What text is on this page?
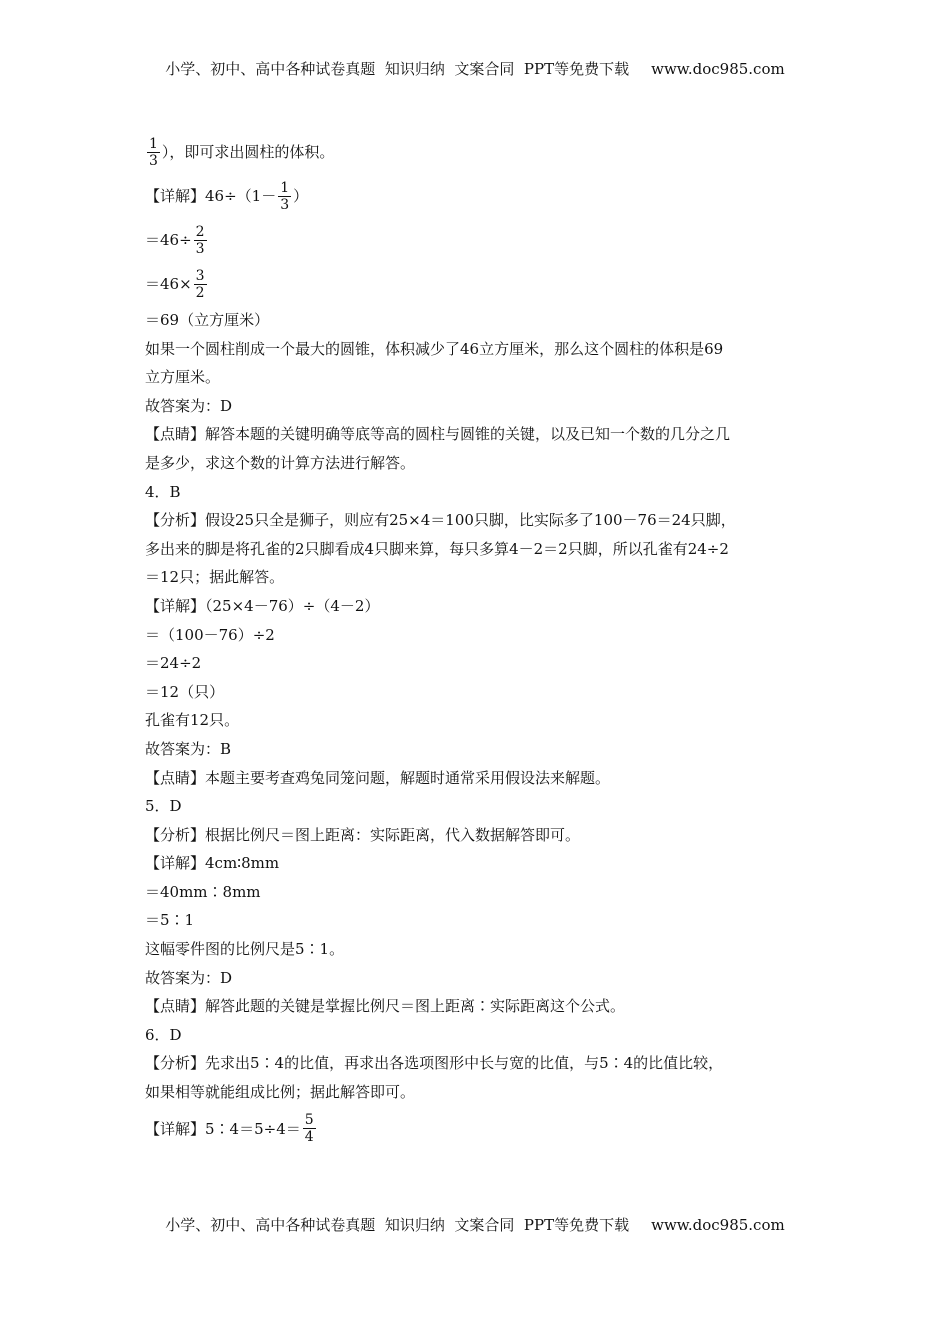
小学、初中、高中各种试卷真题  知识归纳  文案合同  PPT等免费下载 www.doc985.com
$\frac{1}{3}$ ），即可求出圆柱的体积。
【详解】$46\div(1- \frac{1}{3}$ ）
$=46\div \frac{2}{3}$
$=46\times \frac{3}{2}$
＝69（立方厘米）
如果一个圆柱削成一个最大的圆锥，体积减少了46立方厘米，那么这个圆柱的体积是69
立方厘米。
故答案为：D
【点睛】解答本题的关键明确等底等高的圆柱与圆锥的关键，以及已知一个数的几分之几
是多少，求这个数的计算方法进行解答。
4．B
【分析】假设25只全是狮子，则应有25×4＝100只脚，比实际多了100－76＝24只脚，
多出来的脚是将孔雀的2只脚看成4只脚来算，每只多算4－2＝2只脚，所以孔雀有24÷2
＝12只；据此解答。
【详解】（25×4－76）÷（4－2）
＝（100－76）÷2
＝24÷2
＝12（只）
孔雀有12只。
故答案为：B
【点睛】本题主要考查鸡兔同笼问题，解题时通常采用假设法来解题。
5．D
【分析】根据比例尺＝图上距离：实际距离，代入数据解答即可。
【详解】4cm∶8mm
＝40mm∶8mm
＝5∶1
这幅零件图的比例尺是5∶1。
故答案为：D
【点睛】解答此题的关键是掌握比例尺＝图上距离∶实际距离这个公式。
6．D
【分析】先求出5∶4的比值，再求出各选项图形中长与宽的比值，与5∶4的比值比较，
如果相等就能组成比例；据此解答即可。
【详解】5∶4＝5÷4＝ $\frac{5}{4}$
小学、初中、高中各种试卷真题  知识归纳  文案合同  PPT等免费下载 www.doc985.com
